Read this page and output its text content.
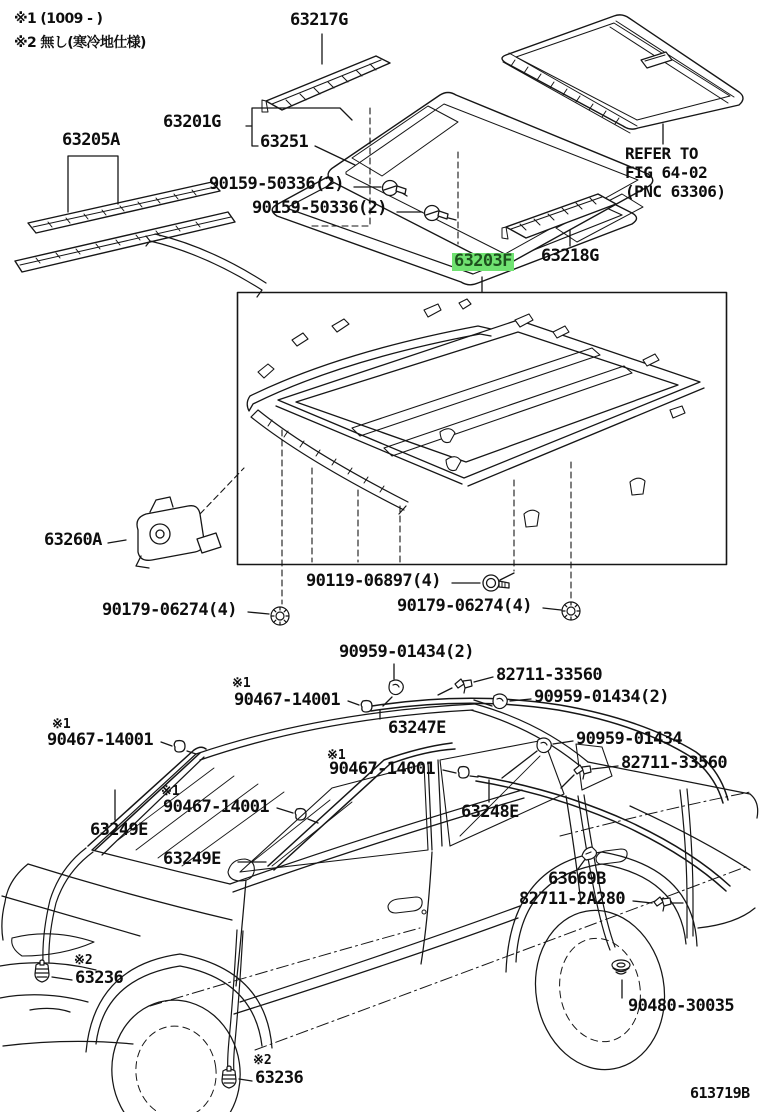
※1 (1009 - )
※2 無し(寒冷地仕様)
63217G
63205A
63201G
63251
90159-50336(2)
90159-50336(2)
REFER TO
FIG 64-02
(PNC 63306)
63218G
63203F
63260A
90119-06897(4)
90179-06274(4)	90179-06274(4)
90959-01434(2)
82711-33560
90959-01434(2)
※1
90467-14001
63247E
90959-01434
82711-33560
※1
90467-14001
※1
90467-14001
63248E
※1
90467-14001
63249E
63249E
63669B
82711-2A280
※2
63236
90480-30035
※2
63236
613719B
